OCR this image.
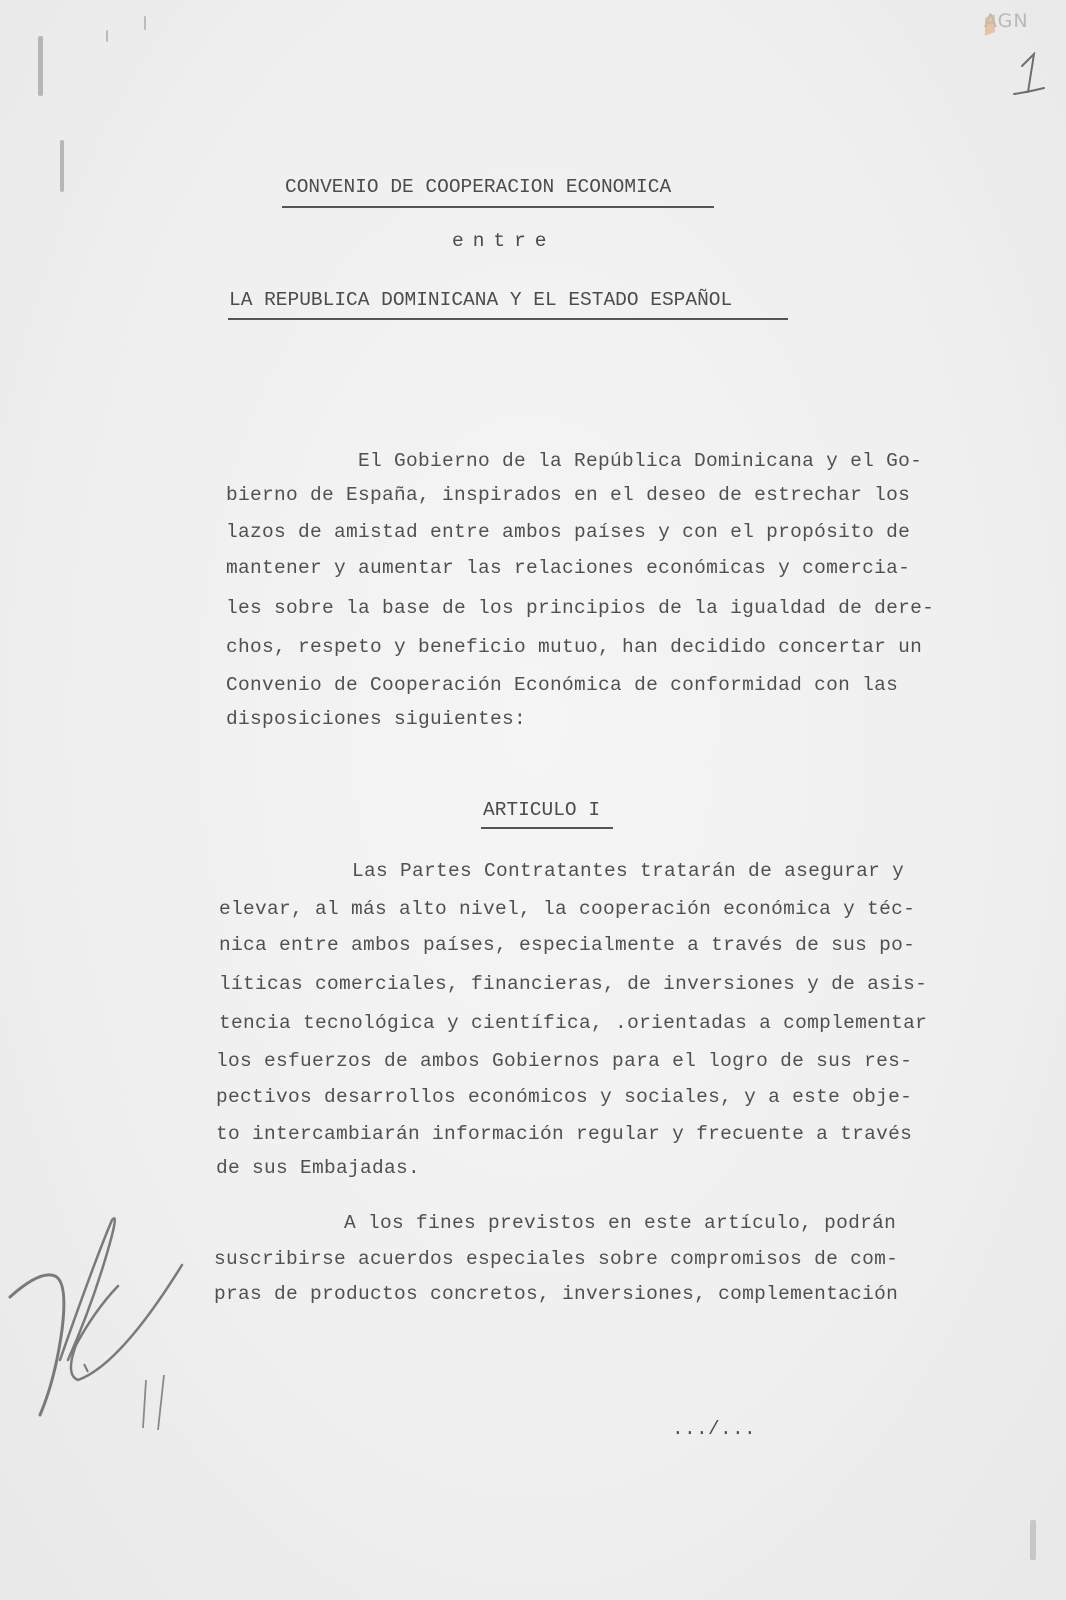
AGN
CONVENIO DE COOPERACION ECONOMICA
entre
LA REPUBLICA DOMINICANA Y EL ESTADO ESPAÑOL
El Gobierno de la República Dominicana y el Go-
bierno de España, inspirados en el deseo de estrechar los
lazos de amistad entre ambos países y con el propósito de
mantener y aumentar las relaciones económicas y comercia-
les sobre la base de los principios de la igualdad de dere-
chos, respeto y beneficio mutuo, han decidido concertar un
Convenio de Cooperación Económica de conformidad con las
disposiciones siguientes:
ARTICULO I
Las Partes Contratantes tratarán de asegurar y
elevar, al más alto nivel, la cooperación económica y téc-
nica entre ambos países, especialmente a través de sus po-
líticas comerciales, financieras, de inversiones y de asis-
tencia tecnológica y científica, .orientadas a complementar
los esfuerzos de ambos Gobiernos para el logro de sus res-
pectivos desarrollos económicos y sociales, y a este obje-
to intercambiarán información regular y frecuente a través
de sus Embajadas.
A los fines previstos en este artículo, podrán
suscribirse acuerdos especiales sobre compromisos de com-
pras de productos concretos, inversiones, complementación
.../...
